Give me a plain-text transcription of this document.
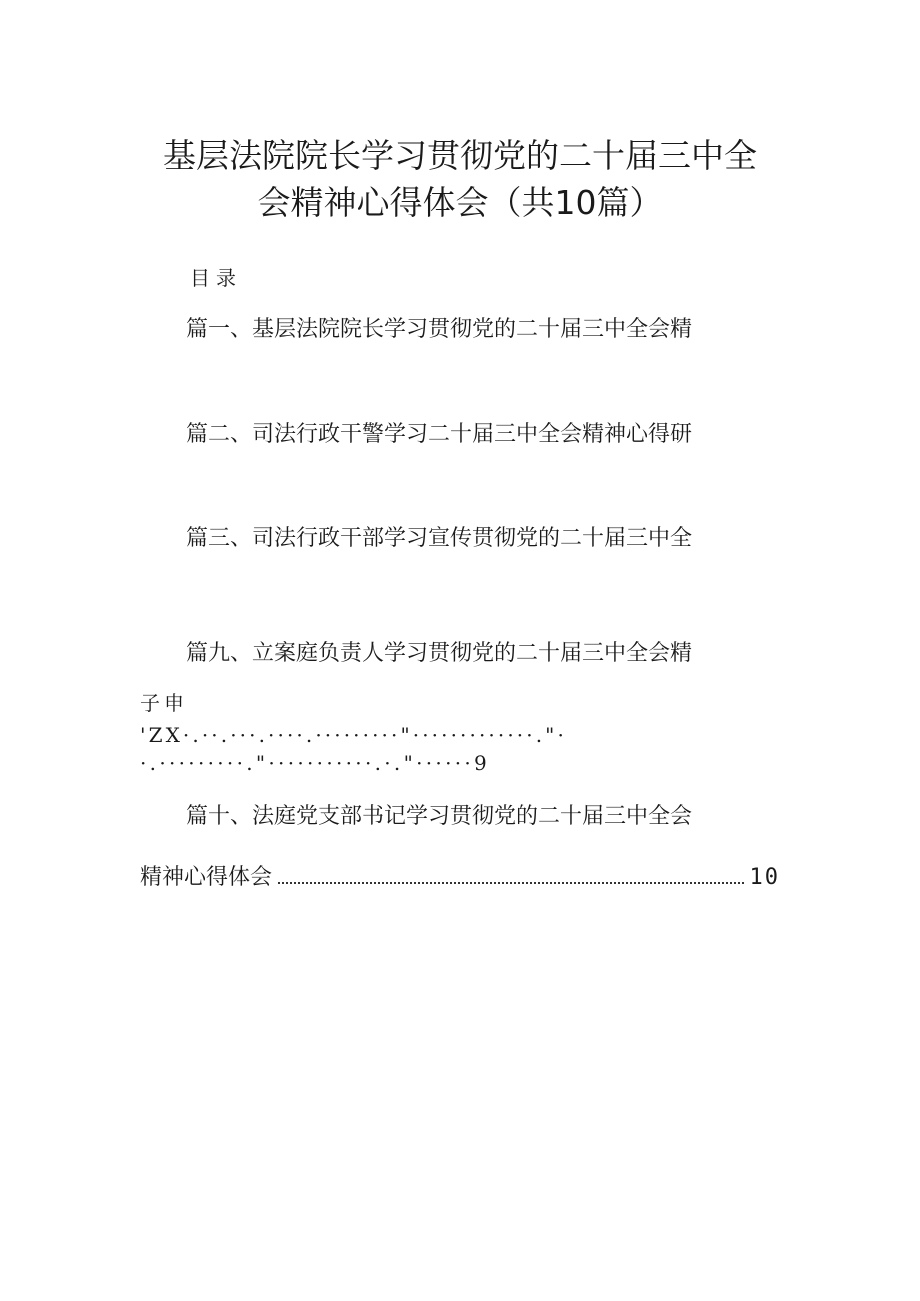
基层法院院长学习贯彻党的二十届三中全
会精神心得体会（共10篇）
目录
篇一、基层法院院长学习贯彻党的二十届三中全会精
篇二、司法行政干警学习二十届三中全会精神心得研
篇三、司法行政干部学习宣传贯彻党的二十届三中全
篇九、立案庭负责人学习贯彻党的二十届三中全会精
子申
'ZX·.··.···.····.·········"·············."·
·.·········."···········.·."······9
篇十、法庭党支部书记学习贯彻党的二十届三中全会
精神心得体会	10
